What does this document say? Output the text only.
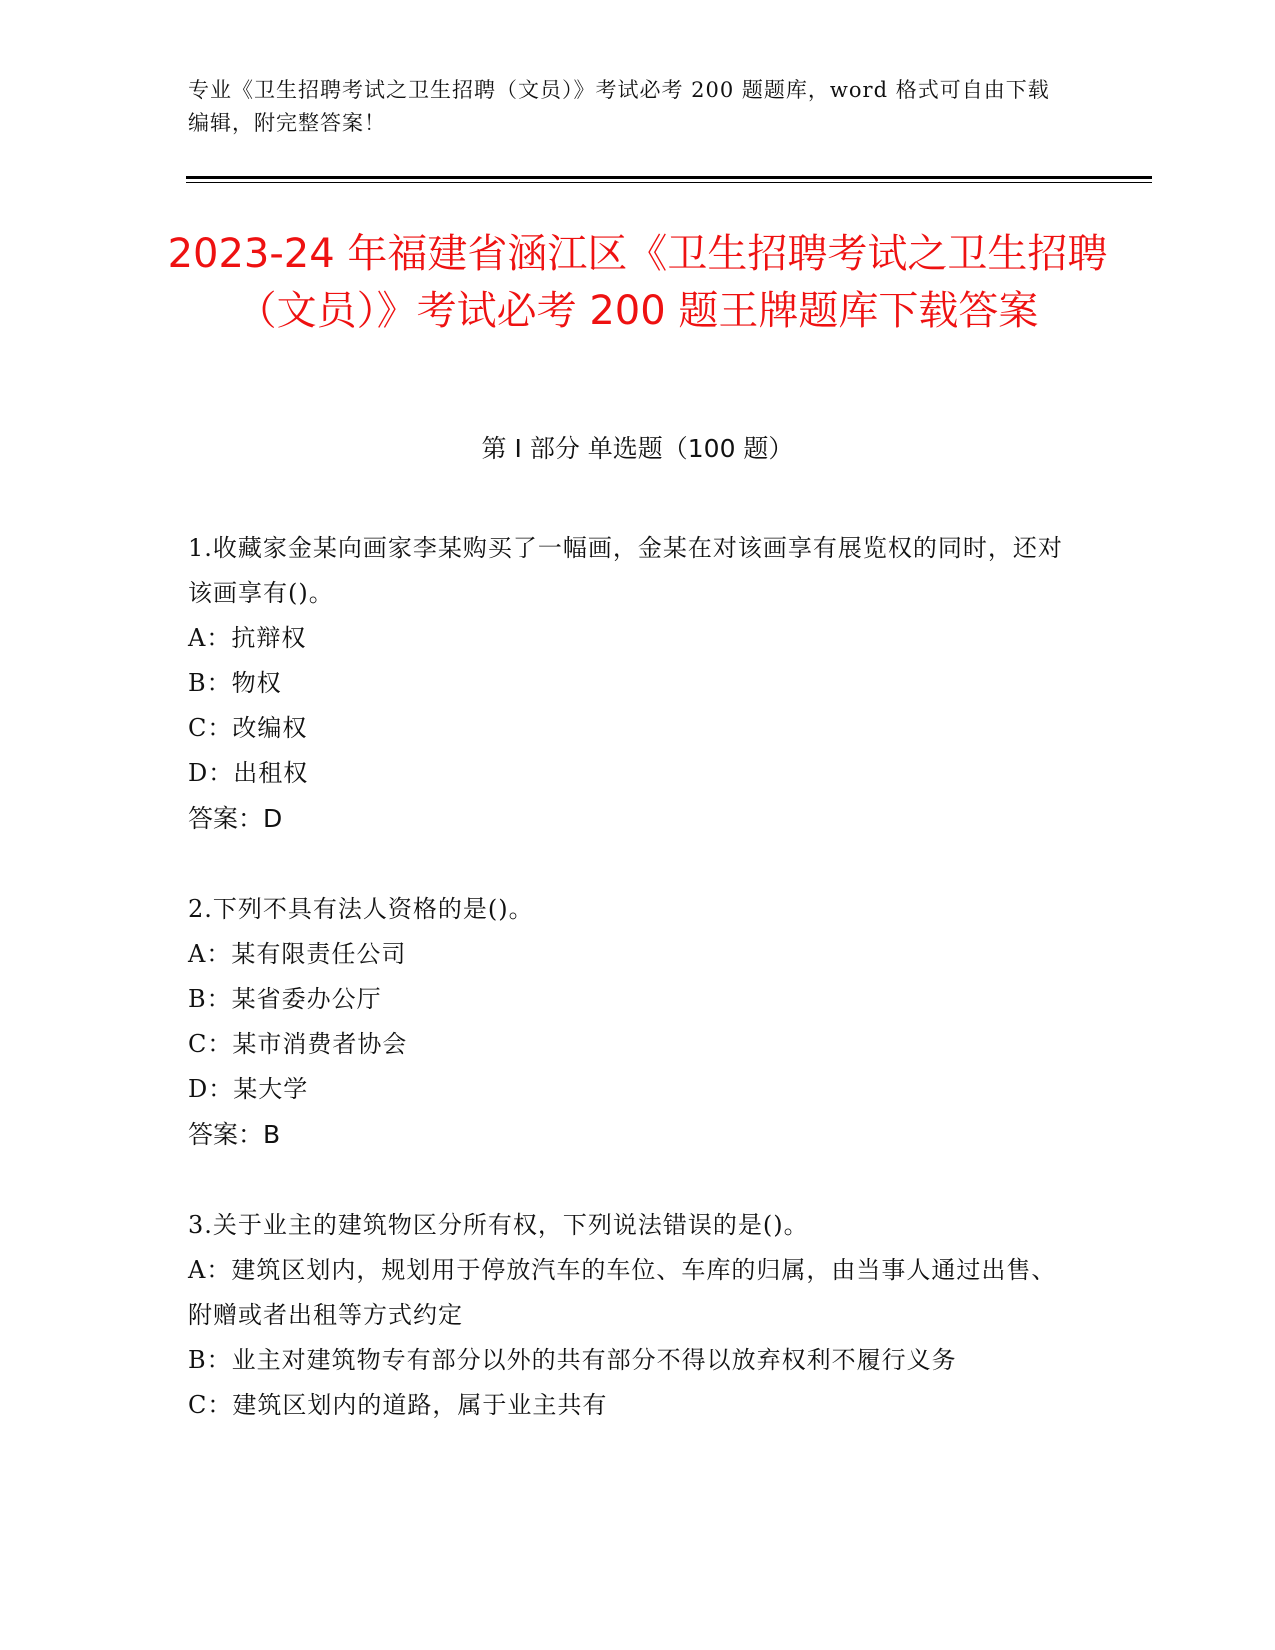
专业《卫生招聘考试之卫生招聘（文员）》考试必考 200 题题库，word 格式可自由下载编辑，附完整答案！
2023-24 年福建省涵江区《卫生招聘考试之卫生招聘（文员）》考试必考 200 题王牌题库下载答案
第 I 部分 单选题（100 题）
1.收藏家金某向画家李某购买了一幅画，金某在对该画享有展览权的同时，还对该画享有()。
A：抗辩权
B：物权
C：改编权
D：出租权
答案：D
2.下列不具有法人资格的是()。
A：某有限责任公司
B：某省委办公厅
C：某市消费者协会
D：某大学
答案：B
3.关于业主的建筑物区分所有权，下列说法错误的是()。
A：建筑区划内，规划用于停放汽车的车位、车库的归属，由当事人通过出售、附赠或者出租等方式约定
B：业主对建筑物专有部分以外的共有部分不得以放弃权利不履行义务
C：建筑区划内的道路，属于业主共有
